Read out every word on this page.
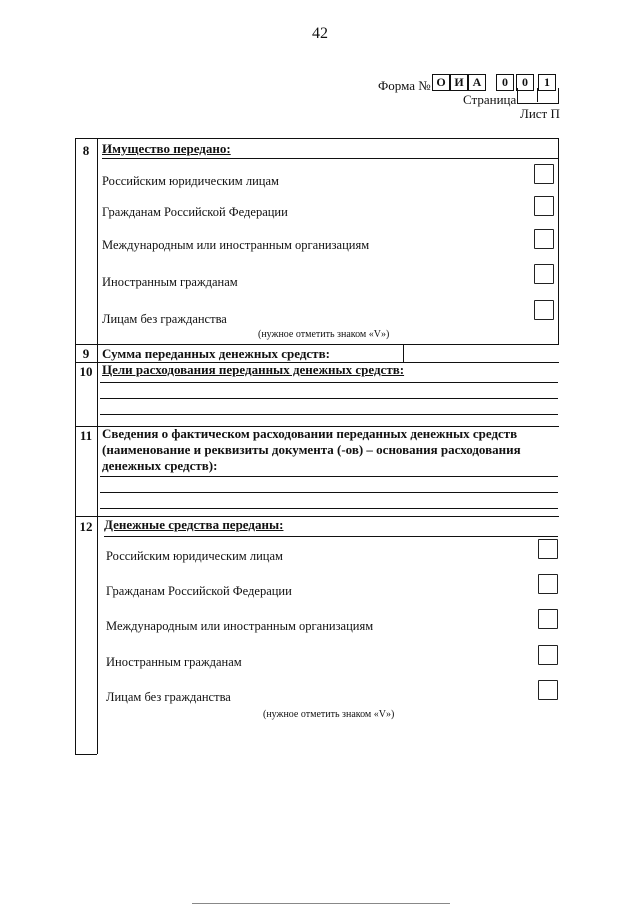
42
Форма № О И А	0	0	1
Страница
Лист П
8 Имущество передано:
Российским юридическим лицам
Гражданам Российской Федерации
Международным или иностранным организациям
Иностранным гражданам
Лицам без гражданства
(нужное отметить знаком «V»)
9 Сумма переданных денежных средств:
10 Цели расходования переданных денежных средств:
11 Сведения о фактическом расходовании переданных денежных средств
(наименование и реквизиты документа (-ов) – основания расходования
денежных средств):
12 Денежные средства переданы:
Российским юридическим лицам
Гражданам Российской Федерации
Международным или иностранным организациям
Иностранным гражданам
Лицам без гражданства
(нужное отметить знаком «V»)
